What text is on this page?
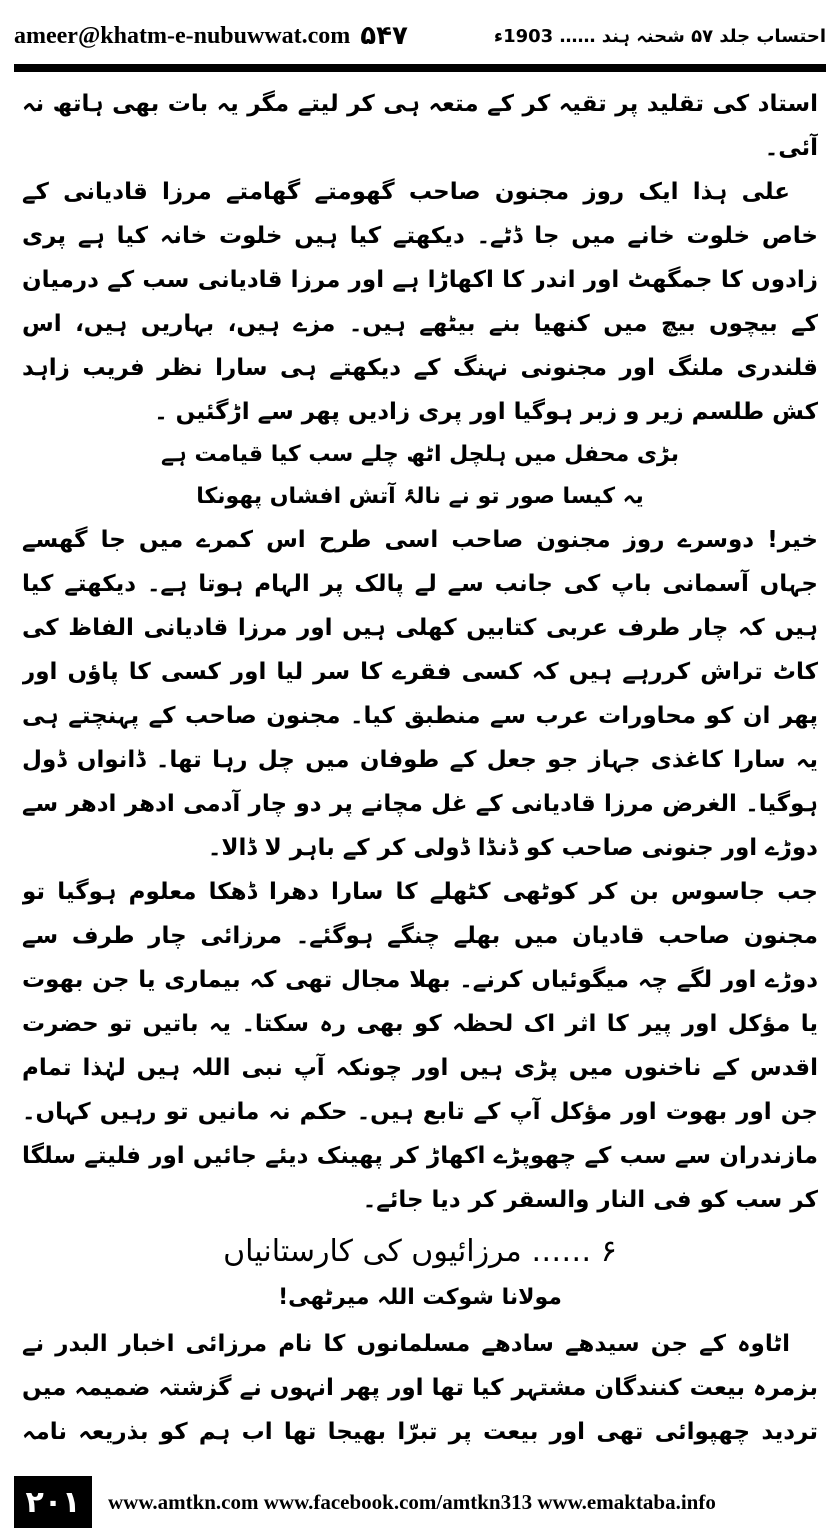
ameer@khatm-e-nubuwwat.com ۵۴۷	احتساب جلد ۵۷ شحنہ ہند …… 1903ء

استاد کی تقلید پر تقیہ کر کے متعہ ہی کر لیتے مگر یہ بات بھی ہاتھ نہ آئی۔

علی ہذا ایک روز مجنون صاحب گھومتے گھامتے مرزا قادیانی کے خاص خلوت خانے میں جا ڈٹے۔ دیکھتے کیا ہیں خلوت خانہ کیا ہے پری زادوں کا جمگھٹ اور اندر کا اکھاڑا ہے اور مرزا قادیانی سب کے درمیان کے بیچوں بیچ میں کنھیا بنے بیٹھے ہیں۔ مزے ہیں، بہاریں ہیں، اس قلندری ملنگ اور مجنونی نہنگ کے دیکھتے ہی سارا نظر فریب زاہد کش طلسم زیر و زبر ہوگیا اور پری زادیں پھر سے اڑگئیں ۔

بڑی محفل میں ہلچل اٹھ چلے سب کیا قیامت ہے

یہ کیسا صور تو نے نالۂ آتش افشاں پھونکا

خیر! دوسرے روز مجنون صاحب اسی طرح اس کمرے میں جا گھسے جہاں آسمانی باپ کی جانب سے لے پالک پر الہام ہوتا ہے۔ دیکھتے کیا ہیں کہ چار طرف عربی کتابیں کھلی ہیں اور مرزا قادیانی الفاظ کی کاٹ تراش کررہے ہیں کہ کسی فقرے کا سر لیا اور کسی کا پاؤں اور پھر ان کو محاورات عرب سے منطبق کیا۔ مجنون صاحب کے پہنچتے ہی یہ سارا کاغذی جہاز جو جعل کے طوفان میں چل رہا تھا۔ ڈانواں ڈول ہوگیا۔ الغرض مرزا قادیانی کے غل مچانے پر دو چار آدمی ادھر ادھر سے دوڑے اور جنونی صاحب کو ڈنڈا ڈولی کر کے باہر لا ڈالا۔

جب جاسوس بن کر کوٹھی کٹھلے کا سارا دھرا ڈھکا معلوم ہوگیا تو مجنون صاحب قادیان میں بھلے چنگے ہوگئے۔ مرزائی چار طرف سے دوڑے اور لگے چہ میگوئیاں کرنے۔ بھلا مجال تھی کہ بیماری یا جن بھوت یا مؤکل اور پیر کا اثر اک لحظہ کو بھی رہ سکتا۔ یہ باتیں تو حضرت اقدس کے ناخنوں میں پڑی ہیں اور چونکہ آپ نبی اللہ ہیں لہٰذا تمام جن اور بھوت اور مؤکل آپ کے تابع ہیں۔ حکم نہ مانیں تو رہیں کہاں۔ مازندران سے سب کے چھوپڑے اکھاڑ کر پھینک دیئے جائیں اور فلیتے سلگا کر سب کو فی النار والسقر کر دیا جائے۔

۶ …… مرزائیوں کی کارستانیاں

مولانا شوکت اللہ میرٹھی!

اٹاوہ کے جن سیدھے سادھے مسلمانوں کا نام مرزائی اخبار البدر نے بزمرہ بیعت کنندگان مشتہر کیا تھا اور پھر انہوں نے گزشتہ ضمیمہ میں تردید چھپوائی تھی اور بیعت پر تبرّا بھیجا تھا اب ہم کو بذریعہ نامہ

۲۰۱	www.amtkn.com www.facebook.com/amtkn313 www.emaktaba.info
